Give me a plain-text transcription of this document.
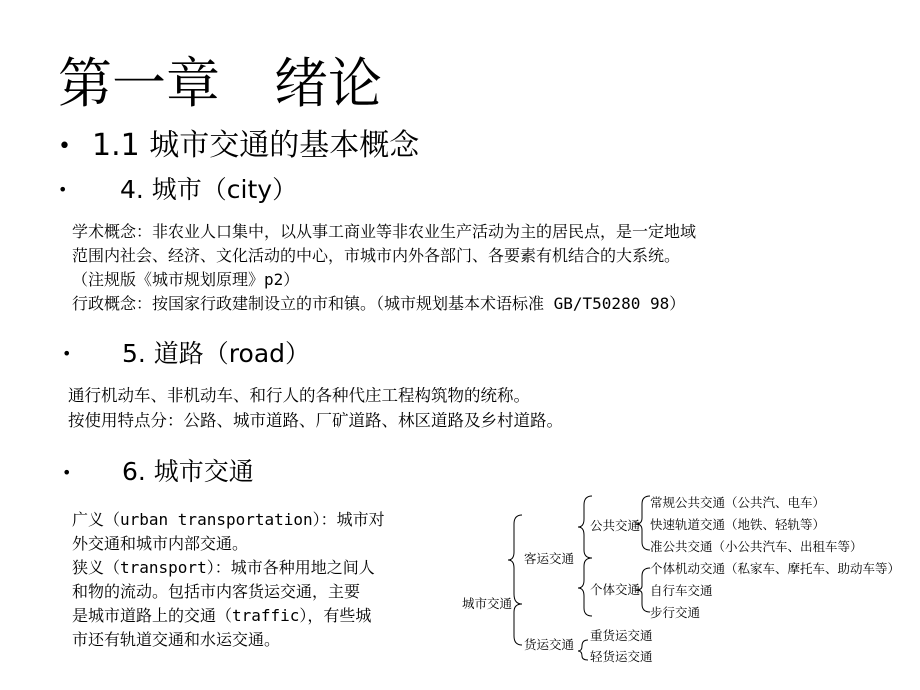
第一章　绪论
• 1.1 城市交通的基本概念
• 4. 城市（city）
学术概念：非农业人口集中，以从事工商业等非农业生产活动为主的居民点，是一定地域
范围内社会、经济、文化活动的中心，市城市内外各部门、各要素有机结合的大系统。
（注规版《城市规划原理》p2）
行政概念：按国家行政建制设立的市和镇。（城市规划基本术语标准 GB/T50280 98）
• 5. 道路（road）
通行机动车、非机动车、和行人的各种代庄工程构筑物的统称。
按使用特点分：公路、城市道路、厂矿道路、林区道路及乡村道路。
• 6. 城市交通
广义（urban transportation）：城市对
外交通和城市内部交通。
狭义（transport）：城市各种用地之间人
和物的流动。包括市内客货运交通，主要
是城市道路上的交通（traffic），有些城
市还有轨道交通和水运交通。
城市交通
客运交通
货运交通
公共交通
个体交通
常规公共交通（公共汽、电车）
快速轨道交通（地铁、轻轨等）
准公共交通（小公共汽车、出租车等）
个体机动交通（私家车、摩托车、助动车等）
自行车交通
步行交通
重货运交通
轻货运交通
